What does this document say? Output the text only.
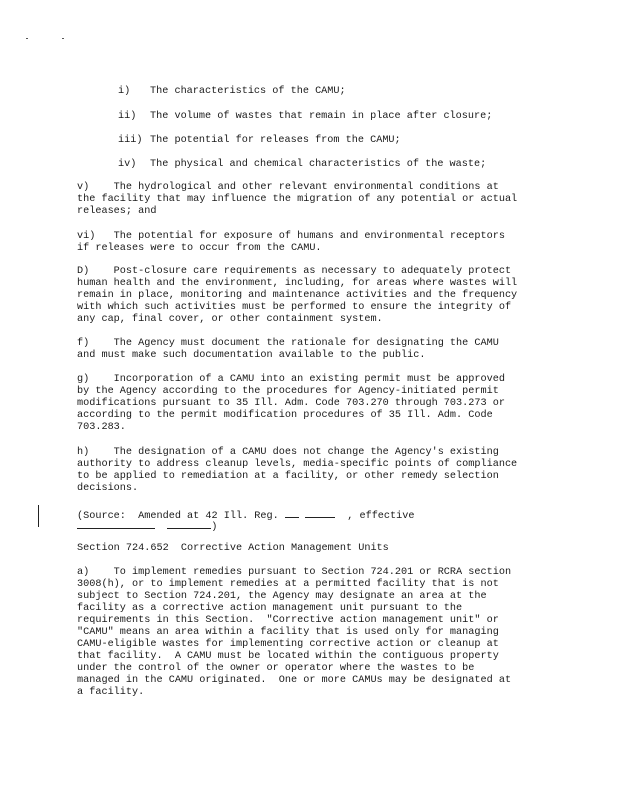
i) The characteristics of the CAMU;
ii) The volume of wastes that remain in place after closure;
iii) The potential for releases from the CAMU;
iv) The physical and chemical characteristics of the waste;
v)    The hydrological and other relevant environmental conditions at
the facility that may influence the migration of any potential or actual
releases; and
vi)   The potential for exposure of humans and environmental receptors
if releases were to occur from the CAMU.
D)    Post-closure care requirements as necessary to adequately protect
human health and the environment, including, for areas where wastes will
remain in place, monitoring and maintenance activities and the frequency
with which such activities must be performed to ensure the integrity of
any cap, final cover, or other containment system.
f)    The Agency must document the rationale for designating the CAMU
and must make such documentation available to the public.
g)    Incorporation of a CAMU into an existing permit must be approved
by the Agency according to the procedures for Agency-initiated permit
modifications pursuant to 35 Ill. Adm. Code 703.270 through 703.273 or
according to the permit modification procedures of 35 Ill. Adm. Code
703.283.
h)    The designation of a CAMU does not change the Agency's existing
authority to address cleanup levels, media-specific points of compliance
to be applied to remediation at a facility, or other remedy selection
decisions.
(Source:  Amended at 42 Ill. Reg.	, effective
)
Section 724.652  Corrective Action Management Units
a)    To implement remedies pursuant to Section 724.201 or RCRA section
3008(h), or to implement remedies at a permitted facility that is not
subject to Section 724.201, the Agency may designate an area at the
facility as a corrective action management unit pursuant to the
requirements in this Section.  "Corrective action management unit" or
"CAMU" means an area within a facility that is used only for managing
CAMU-eligible wastes for implementing corrective action or cleanup at
that facility.  A CAMU must be located within the contiguous property
under the control of the owner or operator where the wastes to be
managed in the CAMU originated.  One or more CAMUs may be designated at
a facility.
